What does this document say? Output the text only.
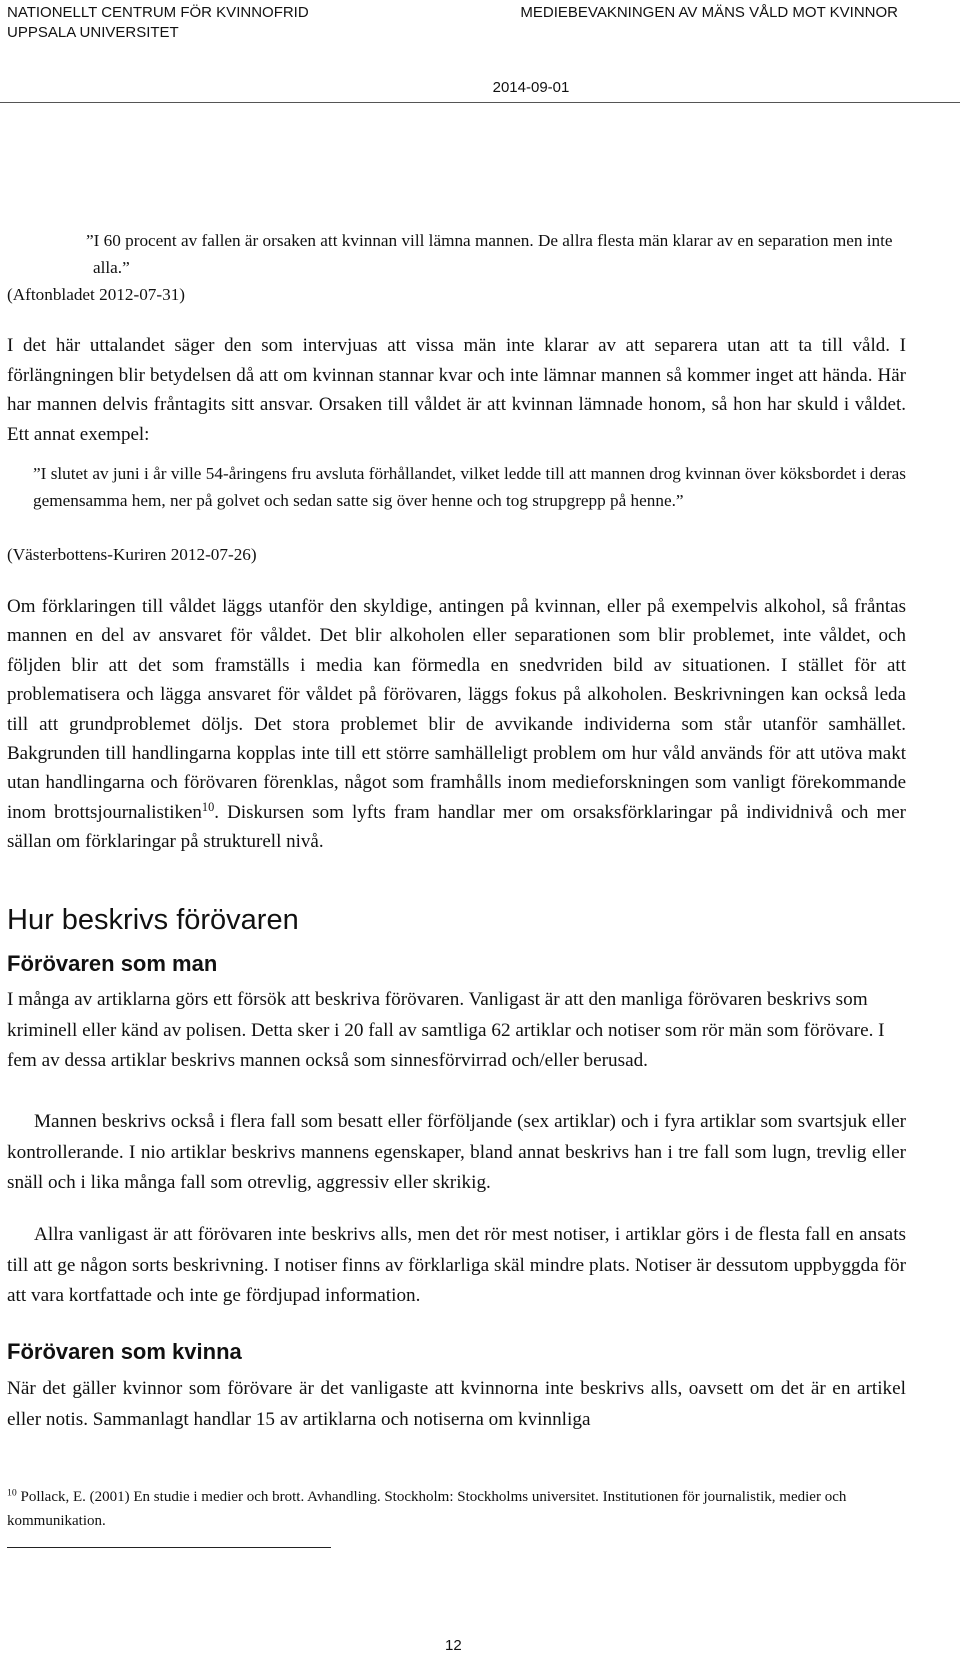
NATIONELLT CENTRUM FÖR KVINNOFRID
UPPSALA UNIVERSITET
MEDIEBEVAKNINGEN AV MÄNS VÅLD MOT KVINNOR
2014-09-01

”I 60 procent av fallen är orsaken att kvinnan vill lämna mannen. De allra flesta män klarar av en separation men inte alla.”

(Aftonbladet 2012-07-31)
I det här uttalandet säger den som intervjuas att vissa män inte klarar av att separera utan att ta till våld. I förlängningen blir betydelsen då att om kvinnan stannar kvar och inte lämnar mannen så kommer inget att hända. Här har mannen delvis fråntagits sitt ansvar. Orsaken till våldet är att kvinnan lämnade honom, så hon har skuld i våldet. Ett annat exempel:

”I slutet av juni i år ville 54-åringens fru avsluta förhållandet, vilket ledde till att mannen drog kvinnan över köksbordet i deras gemensamma hem, ner på golvet och sedan satte sig över henne och tog strupgrepp på henne.”

(Västerbottens-Kuriren 2012-07-26)
Om förklaringen till våldet läggs utanför den skyldige, antingen på kvinnan, eller på exempelvis alkohol, så fråntas mannen en del av ansvaret för våldet. Det blir alkoholen eller separationen som blir problemet, inte våldet, och följden blir att det som framställs i media kan förmedla en snedvriden bild av situationen. I stället för att problematisera och lägga ansvaret för våldet på förövaren, läggs fokus på alkoholen. Beskrivningen kan också leda till att grundproblemet döljs. Det stora problemet blir de avvikande individerna som står utanför samhället. Bakgrunden till handlingarna kopplas inte till ett större samhälleligt problem om hur våld används för att utöva makt utan handlingarna och förövaren förenklas, något som framhålls inom medieforskningen som vanligt förekommande inom brottsjournalistiken$^{10}$. Diskursen som lyfts fram handlar mer om orsaksförklaringar på individnivå och mer sällan om förklaringar på strukturell nivå.
Hur beskrivs förövaren
Förövaren som man
I många av artiklarna görs ett försök att beskriva förövaren. Vanligast är att den manliga förövaren beskrivs som kriminell eller känd av polisen. Detta sker i 20 fall av samtliga 62 artiklar och notiser som rör män som förövare. I fem av dessa artiklar beskrivs mannen också som sinnesförvirrad och/eller berusad.
Mannen beskrivs också i flera fall som besatt eller förföljande (sex artiklar) och i fyra artiklar som svartsjuk eller kontrollerande. I nio artiklar beskrivs mannens egenskaper, bland annat beskrivs han i tre fall som lugn, trevlig eller snäll och i lika många fall som otrevlig, aggressiv eller skrikig.
Allra vanligast är att förövaren inte beskrivs alls, men det rör mest notiser, i artiklar görs i de flesta fall en ansats till att ge någon sorts beskrivning. I notiser finns av förklarliga skäl mindre plats. Notiser är dessutom uppbyggda för att vara kortfattade och inte ge fördjupad information.
Förövaren som kvinna
När det gäller kvinnor som förövare är det vanligaste att kvinnorna inte beskrivs alls, oavsett om det är en artikel eller notis. Sammanlagt handlar 15 av artiklarna och notiserna om kvinnliga
$^{10}$ Pollack, E. (2001) En studie i medier och brott. Avhandling. Stockholm: Stockholms universitet. Institutionen för journalistik, medier och kommunikation.
12
